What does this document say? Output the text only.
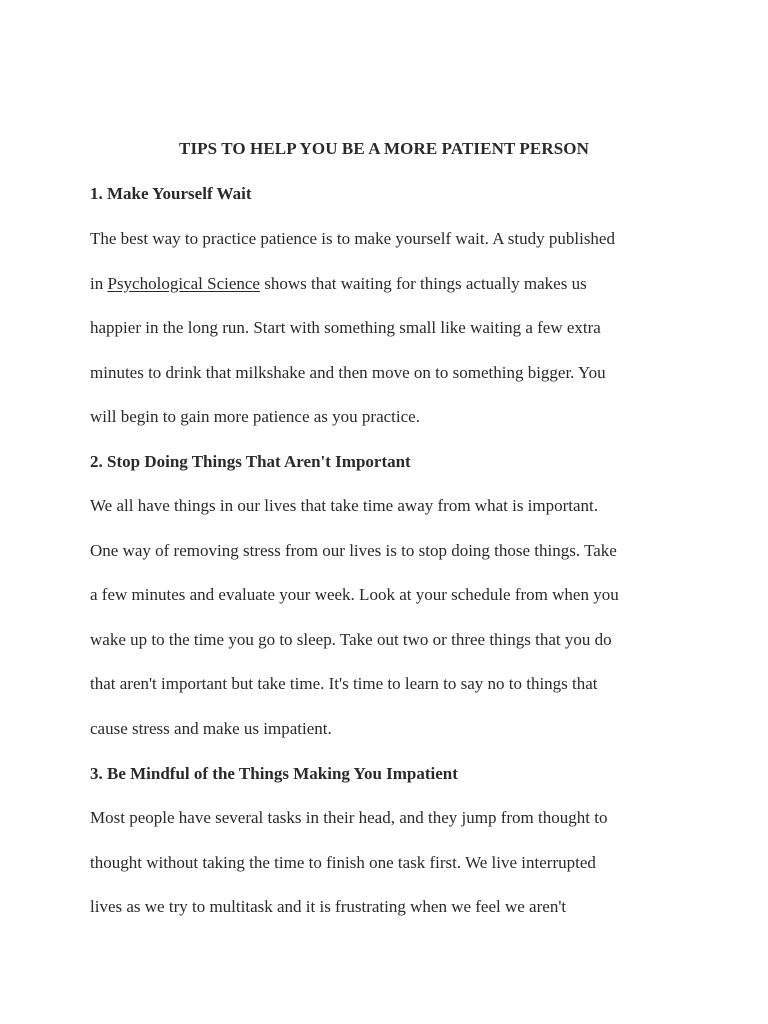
TIPS TO HELP YOU BE A MORE PATIENT PERSON
1. Make Yourself Wait
The best way to practice patience is to make yourself wait. A study published
in Psychological Science shows that waiting for things actually makes us
happier in the long run. Start with something small like waiting a few extra
minutes to drink that milkshake and then move on to something bigger. You
will begin to gain more patience as you practice.
2. Stop Doing Things That Aren't Important
We all have things in our lives that take time away from what is important.
One way of removing stress from our lives is to stop doing those things. Take
a few minutes and evaluate your week. Look at your schedule from when you
wake up to the time you go to sleep. Take out two or three things that you do
that aren't important but take time. It's time to learn to say no to things that
cause stress and make us impatient.
3. Be Mindful of the Things Making You Impatient
Most people have several tasks in their head, and they jump from thought to
thought without taking the time to finish one task first. We live interrupted
lives as we try to multitask and it is frustrating when we feel we aren't
